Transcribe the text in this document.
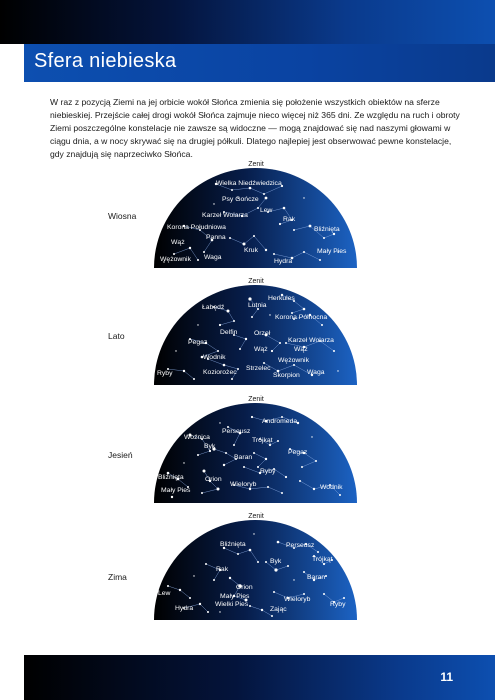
Sfera niebieska

W raz z pozycją Ziemi na jej orbicie wokół Słońca zmienia się położenie wszystkich obiektów na sferze niebieskiej. Przejście całej drogi wokół Słońca zajmuje nieco więcej niż 365 dni. Ze względu na ruch i obroty Ziemi poszczególne konstelacje nie zawsze są widoczne — mogą znajdować się nad naszymi głowami w ciągu dnia, a w nocy skrywać się na drugiej półkuli. Dlatego najlepiej jest obserwować pewne konstelacje, gdy znajdują się naprzeciwko Słońca.

Zenit
Wiosna
Wielka Niedźwiedzica
Psy Gończe
Lew
Rak
Karzeł Wolarza
Korona Południowa	Bliźnięta
Panna
Wąż
Mały Pies
Kruk
Wężownik Waga
Hydra
Zenit
Lato
Herkules
Lutnia
Łabędź
Korona Północna
Delfin Orzeł
Karzeł Wolarza
Pegaz
Wąż	Wąż
Wodnik	Wężownik
Ryby	Koziorożec
Strzelec
Skorpion Waga
Zenit
Jesień
Andromeda
Perseusz
Woźnica	Trójkąt
Byk
Baran
Pegaz
Ryby
Bliźnięta	Orion
Wieloryb
Mały Pies	Wodnik
Zenit
Zima
Bliźnięta	Perseusz
Byk	Trójkąt
Rak
Baran
Orion
Mały Pies	Wieloryb
Lew
Ryby
Hydra
Wielki Pies
Zając
11
